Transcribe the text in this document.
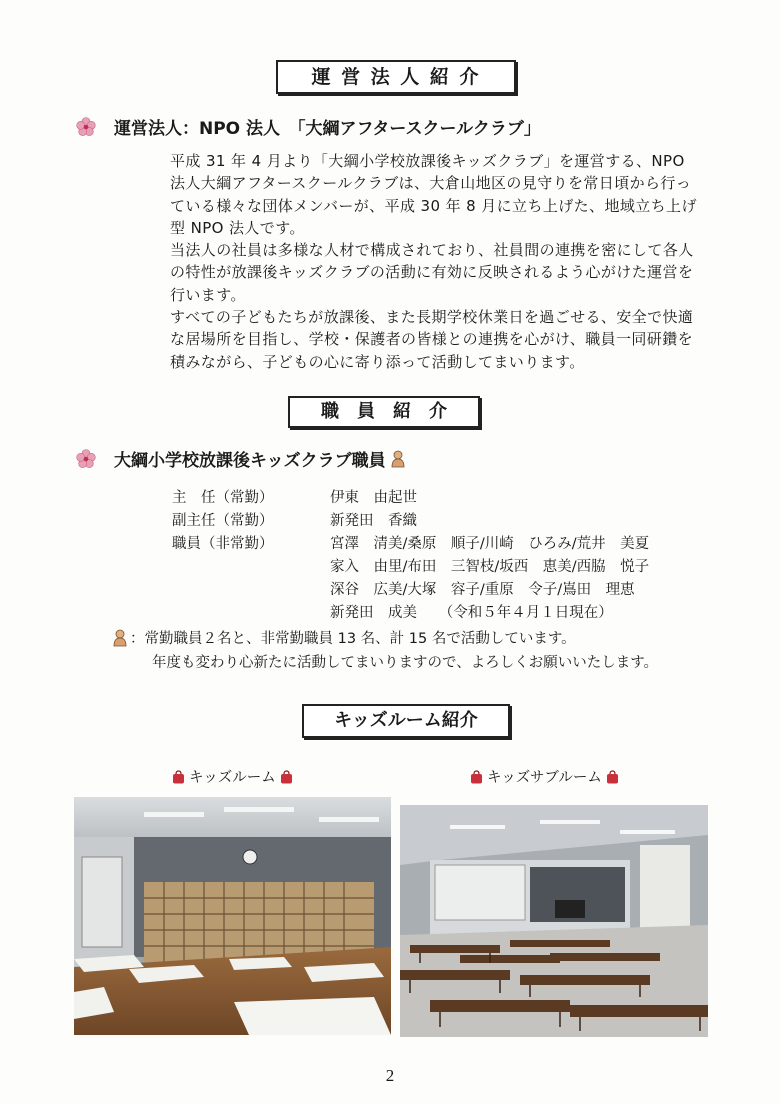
運 営 法 人 紹 介
運営法人：NPO 法人　「大綱アフタースクールクラブ」

平成 31 年 4 月より「大綱小学校放課後キッズクラブ」を運営する、NPO

法人大綱アフタースクールクラブは、大倉山地区の見守りを常日頃から行っ

ている様々な団体メンバーが、平成 30 年 8 月に立ち上げた、地域立ち上げ

型 NPO 法人です。

当法人の社員は多様な人材で構成されており、社員間の連携を密にして各人

の特性が放課後キッズクラブの活動に有効に反映されるよう心がけた運営を

行います。

すべての子どもたちが放課後、また長期学校休業日を過ごせる、安全で快適

な居場所を目指し、学校・保護者の皆様との連携を心がけ、職員一同研鑽を

積みながら、子どもの心に寄り添って活動してまいります。

職　員　紹　介
大綱小学校放課後キッズクラブ職員
主　任（常勤）	伊東　由起世
副主任（常勤）	新発田　香織
職員（非常勤）	宮澤　清美/桑原　順子/川崎　ひろみ/荒井　美夏
家入　由里/布田　三智枝/坂西　恵美/西脇　悦子
深谷　広美/大塚　容子/重原　令子/嶌田　理恵
新発田　成美　　（令和５年４月１日現在）
：常勤職員２名と、非常勤職員 13 名、計 15 名で活動しています。
年度も変わり心新たに活動してまいりますので、よろしくお願いいたします。
キッズルーム紹介
キッズルーム	キッズサブルーム
2
